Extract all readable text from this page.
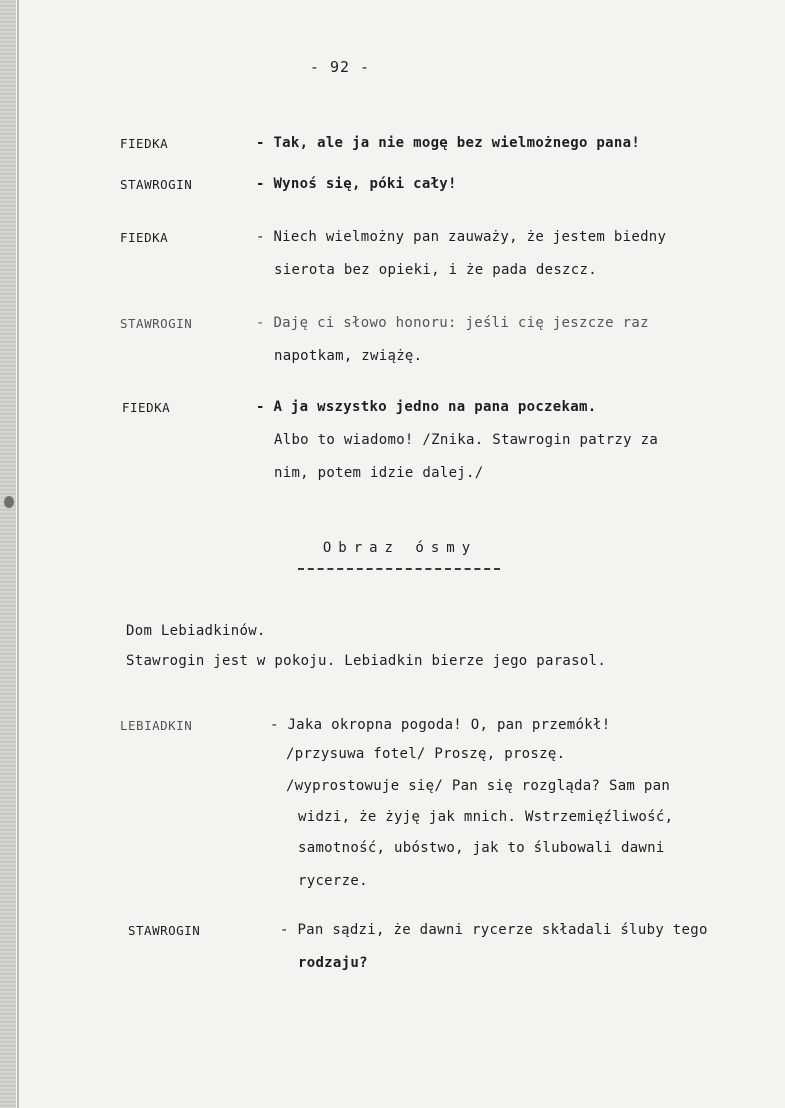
- 92 -
FIEDKA	- Tak, ale ja nie mogę bez wielmożnego pana!
STAWROGIN	- Wynoś się, póki cały!
FIEDKA	- Niech wielmożny pan zauważy, że jestem biedny
sierota bez opieki, i że pada deszcz.
STAWROGIN	- Daję ci słowo honoru: jeśli cię jeszcze raz
napotkam, zwiążę.
FIEDKA	- A ja wszystko jedno na pana poczekam.
Albo to wiadomo! /Znika. Stawrogin patrzy za
nim, potem idzie dalej./
Obraz ósmy
Dom Lebiadkinów.
Stawrogin jest w pokoju. Lebiadkin bierze jego parasol.
LEBIADKIN	- Jaka okropna pogoda! O, pan przemókł!
/przysuwa fotel/ Proszę, proszę.
/wyprostowuje się/ Pan się rozgląda? Sam pan
widzi, że żyję jak mnich. Wstrzemięźliwość,
samotność, ubóstwo, jak to ślubowali dawni
rycerze.
STAWROGIN	- Pan sądzi, że dawni rycerze składali śluby tego
rodzaju?
